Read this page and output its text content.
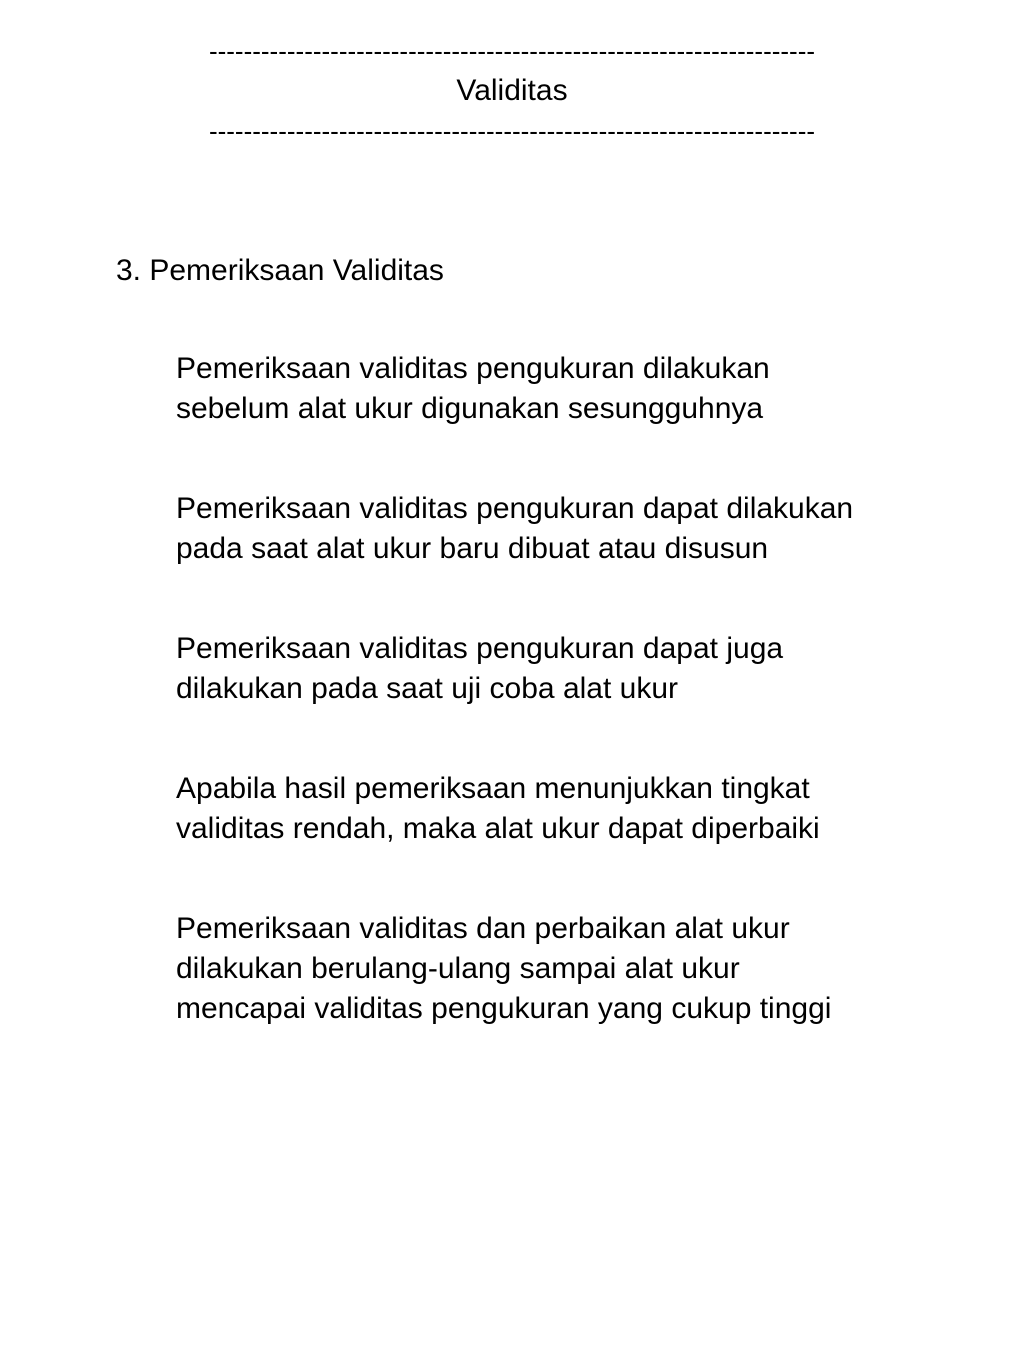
----------------------------------------------------------------------
Validitas
----------------------------------------------------------------------
3. Pemeriksaan Validitas

Pemeriksaan validitas pengukuran dilakukan
sebelum alat ukur digunakan sesungguhnya

Pemeriksaan validitas pengukuran dapat dilakukan
pada saat alat ukur baru dibuat atau disusun

Pemeriksaan validitas pengukuran dapat juga
dilakukan pada saat uji coba alat ukur

Apabila hasil pemeriksaan menunjukkan tingkat
validitas rendah, maka alat ukur dapat diperbaiki

Pemeriksaan validitas dan perbaikan alat ukur
dilakukan berulang-ulang sampai alat ukur
mencapai validitas pengukuran yang cukup tinggi
